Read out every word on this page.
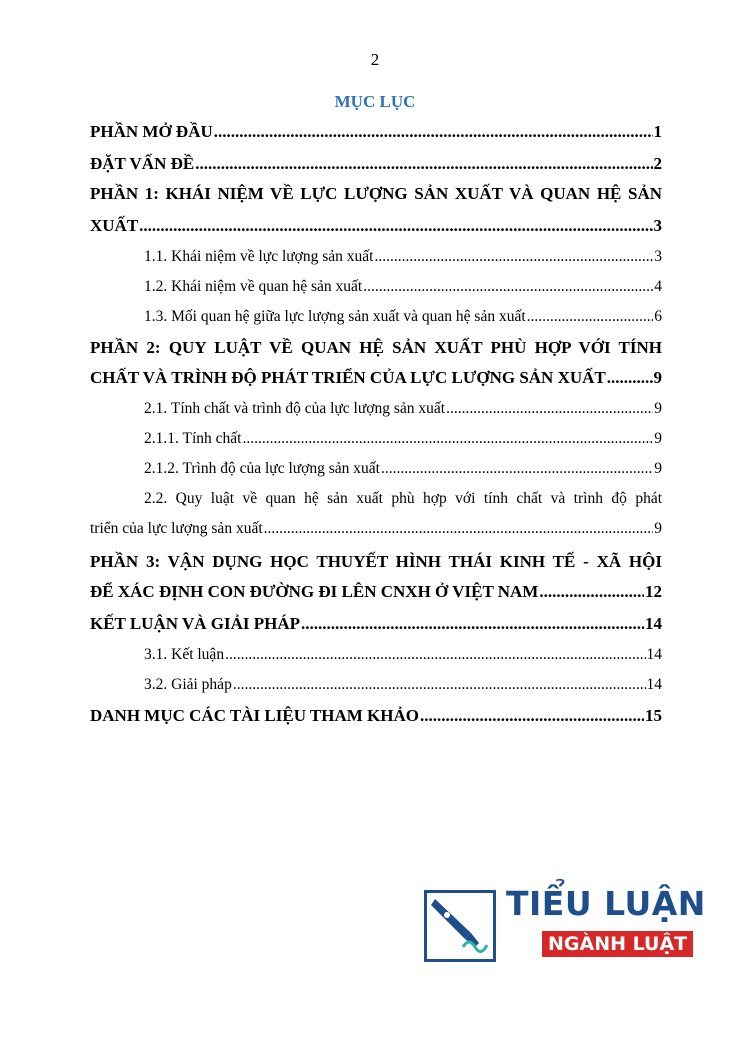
2
MỤC LỤC
PHẦN MỞ ĐẦU .....	1
ĐẶT VẤN ĐỀ .....	2
PHẦN 1: KHÁI NIỆM VỀ LỰC LƯỢNG SẢN XUẤT VÀ QUAN HỆ SẢN
XUẤT .....	3
1.1. Khái niệm về lực lượng sản xuất .....	3
1.2. Khái niệm về quan hệ sản xuất .....	4
1.3. Mối quan hệ giữa lực lượng sản xuất và quan hệ sản xuất .....	6
PHẦN 2: QUY LUẬT VỀ QUAN HỆ SẢN XUẤT PHÙ HỢP VỚI TÍNH
CHẤT VÀ TRÌNH ĐỘ PHÁT TRIỂN CỦA LỰC LƯỢNG SẢN XUẤT .....	9
2.1. Tính chất và trình độ của lực lượng sản xuất .....	9
2.1.1. Tính chất .....	9
2.1.2. Trình độ của lực lượng sản xuất .....	9
2.2. Quy luật về quan hệ sản xuất phù hợp với tính chất và trình độ phát
triển của lực lượng sản xuất .....	9
PHẦN 3: VẬN DỤNG HỌC THUYẾT HÌNH THÁI KINH TẾ - XÃ HỘI
ĐỂ XÁC ĐỊNH CON ĐƯỜNG ĐI LÊN CNXH Ở VIỆT NAM .....	12
KẾT LUẬN VÀ GIẢI PHÁP .....	14
3.1. Kết luận .....	14
3.2. Giải pháp .....	14
DANH MỤC CÁC TÀI LIỆU THAM KHẢO .....	15
TIỂU LUẬN
NGÀNH LUẬT
